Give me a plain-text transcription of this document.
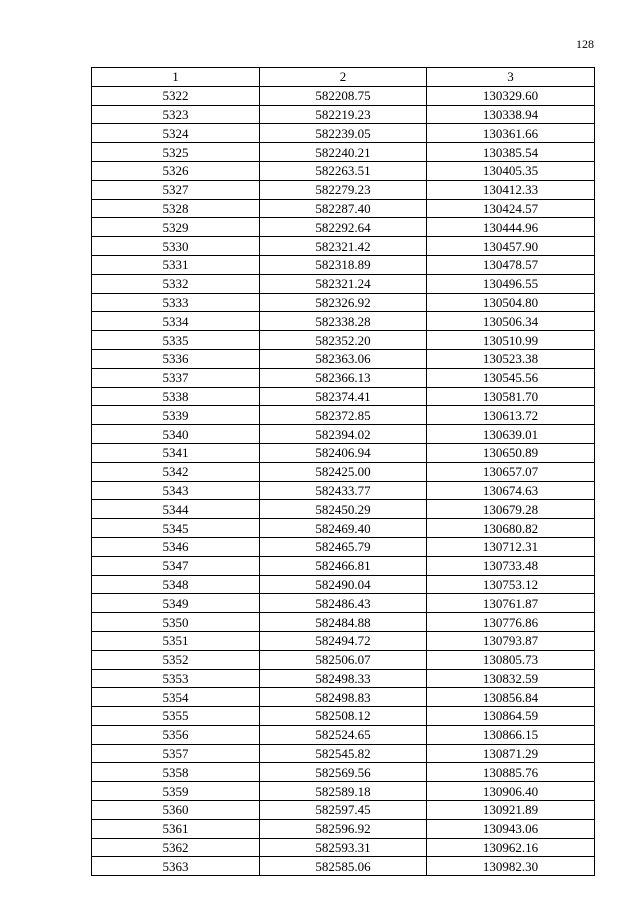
128
1	2	3
5322	582208.75	130329.60
5323	582219.23	130338.94
5324	582239.05	130361.66
5325	582240.21	130385.54
5326	582263.51	130405.35
5327	582279.23	130412.33
5328	582287.40	130424.57
5329	582292.64	130444.96
5330	582321.42	130457.90
5331	582318.89	130478.57
5332	582321.24	130496.55
5333	582326.92	130504.80
5334	582338.28	130506.34
5335	582352.20	130510.99
5336	582363.06	130523.38
5337	582366.13	130545.56
5338	582374.41	130581.70
5339	582372.85	130613.72
5340	582394.02	130639.01
5341	582406.94	130650.89
5342	582425.00	130657.07
5343	582433.77	130674.63
5344	582450.29	130679.28
5345	582469.40	130680.82
5346	582465.79	130712.31
5347	582466.81	130733.48
5348	582490.04	130753.12
5349	582486.43	130761.87
5350	582484.88	130776.86
5351	582494.72	130793.87
5352	582506.07	130805.73
5353	582498.33	130832.59
5354	582498.83	130856.84
5355	582508.12	130864.59
5356	582524.65	130866.15
5357	582545.82	130871.29
5358	582569.56	130885.76
5359	582589.18	130906.40
5360	582597.45	130921.89
5361	582596.92	130943.06
5362	582593.31	130962.16
5363	582585.06	130982.30
